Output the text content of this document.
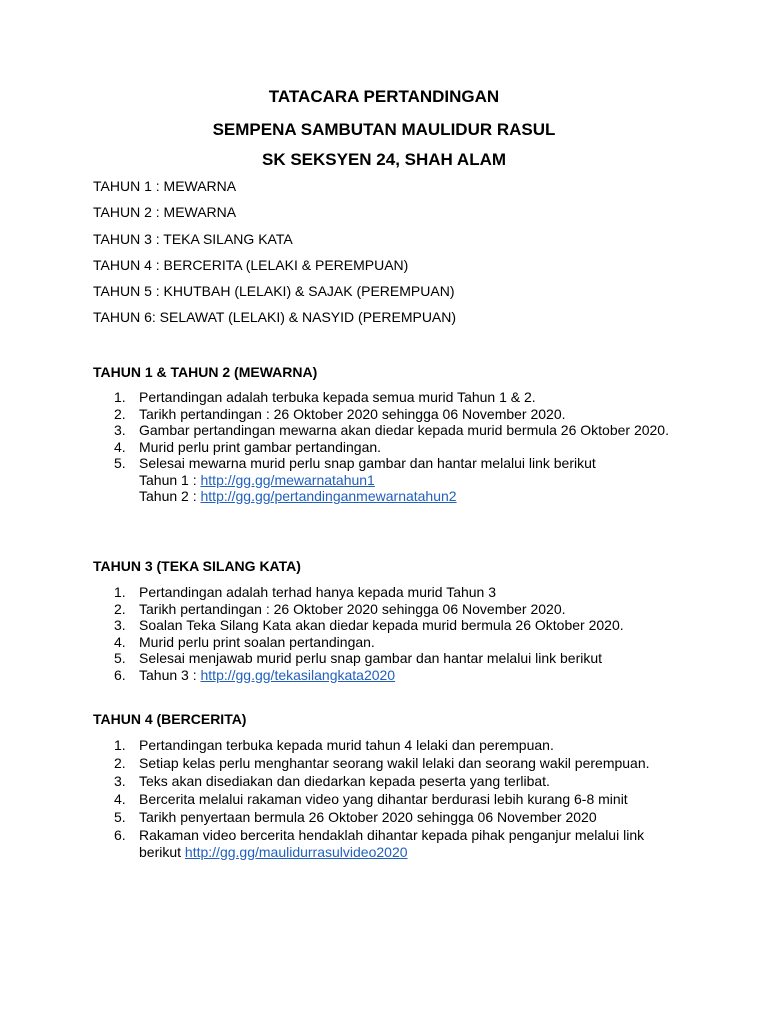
TATACARA PERTANDINGAN
SEMPENA SAMBUTAN MAULIDUR RASUL
SK SEKSYEN 24, SHAH ALAM

TAHUN 1 : MEWARNA

TAHUN 2 : MEWARNA

TAHUN 3 : TEKA SILANG KATA

TAHUN 4 : BERCERITA (LELAKI & PEREMPUAN)

TAHUN 5 : KHUTBAH (LELAKI) & SAJAK (PEREMPUAN)

TAHUN 6: SELAWAT (LELAKI) & NASYID (PEREMPUAN)

TAHUN 1 & TAHUN 2 (MEWARNA)
1. Pertandingan adalah terbuka kepada semua murid Tahun 1 & 2.
2. Tarikh pertandingan : 26 Oktober 2020 sehingga 06 November 2020.
3. Gambar pertandingan mewarna akan diedar kepada murid bermula 26 Oktober 2020.
4. Murid perlu print gambar pertandingan.
5. Selesai mewarna murid perlu snap gambar dan hantar melalui link berikut
Tahun 1 : http://gg.gg/mewarnatahun1
Tahun 2 : http://gg.gg/pertandinganmewarnatahun2
TAHUN 3 (TEKA SILANG KATA)
1. Pertandingan adalah terhad hanya kepada murid Tahun 3
2. Tarikh pertandingan : 26 Oktober 2020 sehingga 06 November 2020.
3. Soalan Teka Silang Kata akan diedar kepada murid bermula 26 Oktober 2020.
4. Murid perlu print soalan pertandingan.
5. Selesai menjawab murid perlu snap gambar dan hantar melalui link berikut
6. Tahun 3 : http://gg.gg/tekasilangkata2020
TAHUN 4 (BERCERITA)
1. Pertandingan terbuka kepada murid tahun 4 lelaki dan perempuan.
2. Setiap kelas perlu menghantar seorang wakil lelaki dan seorang wakil perempuan.
3. Teks akan disediakan dan diedarkan kepada peserta yang terlibat.
4. Bercerita melalui rakaman video yang dihantar berdurasi lebih kurang 6-8 minit
5. Tarikh penyertaan bermula 26 Oktober 2020 sehingga 06 November 2020
6. Rakaman video bercerita hendaklah dihantar kepada pihak penganjur melalui link berikut http://gg.gg/maulidurrasulvideo2020
